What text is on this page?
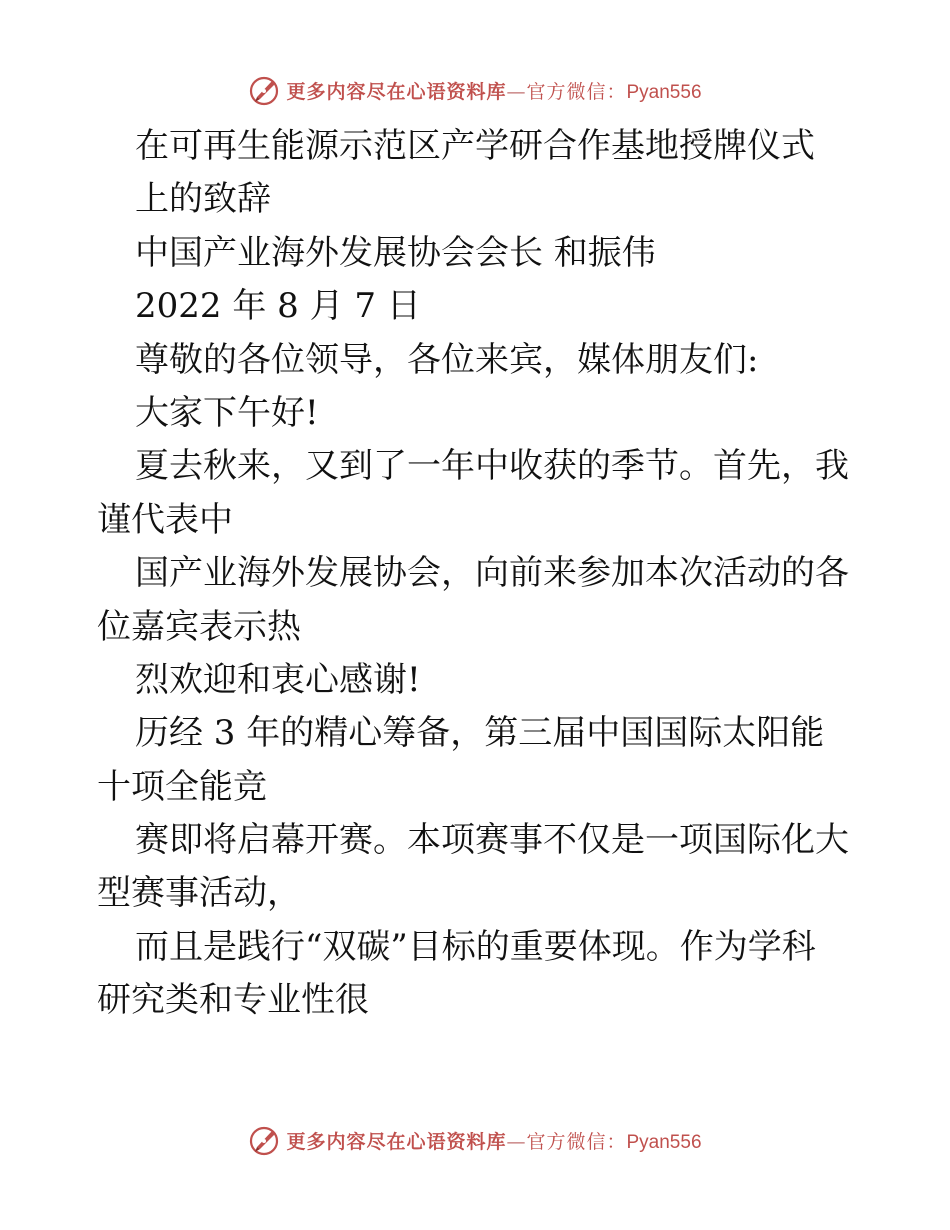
更多内容尽在心语资料库—官方微信：Pyan556
在可再生能源示范区产学研合作基地授牌仪式
上的致辞
中国产业海外发展协会会长 和振伟
2022 年 8 月 7 日
尊敬的各位领导，各位来宾，媒体朋友们:
大家下午好!
夏去秋来，又到了一年中收获的季节。首先，我
谨代表中
国产业海外发展协会，向前来参加本次活动的各
位嘉宾表示热
烈欢迎和衷心感谢!
历经 3 年的精心筹备，第三届中国国际太阳能
十项全能竞
赛即将启幕开赛。本项赛事不仅是一项国际化大
型赛事活动，
而且是践行“双碳”目标的重要体现。作为学科
研究类和专业性很
更多内容尽在心语资料库—官方微信：Pyan556
